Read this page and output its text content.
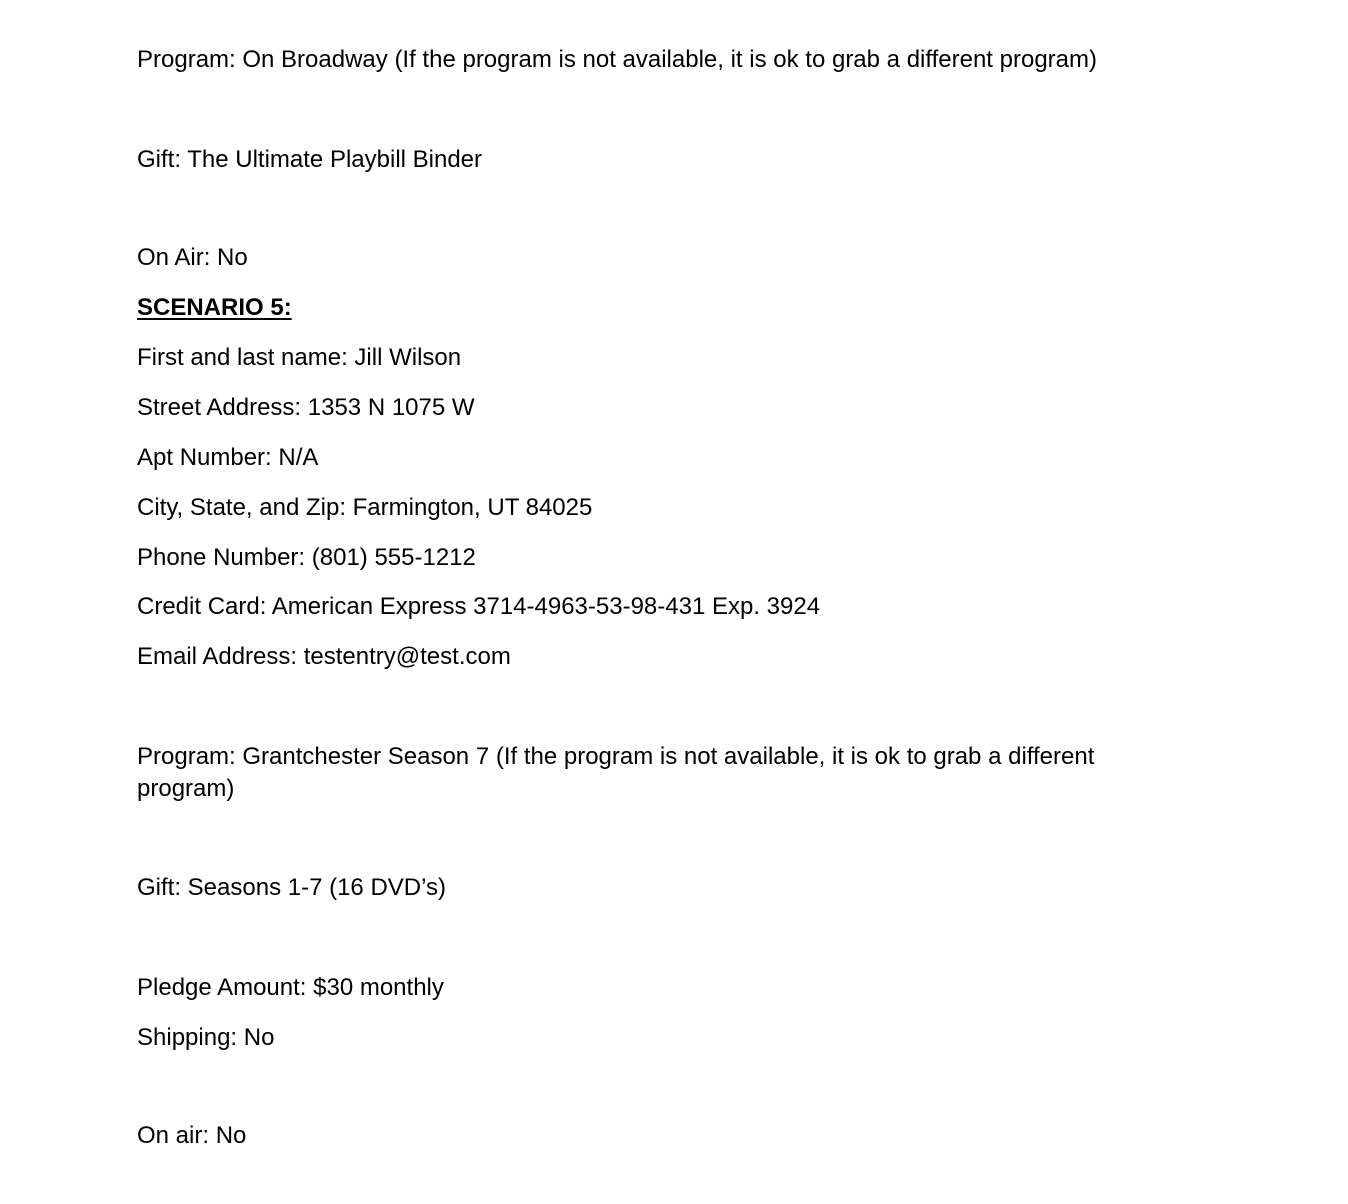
Program: On Broadway (If the program is not available, it is ok to grab a different program)
Gift: The Ultimate Playbill Binder
On Air: No
SCENARIO 5:
First and last name: Jill Wilson
Street Address: 1353 N 1075 W
Apt Number: N/A
City, State, and Zip: Farmington, UT 84025
Phone Number: (801) 555-1212
Credit Card: American Express 3714-4963-53-98-431 Exp. 3924
Email Address: testentry@test.com
Program: Grantchester Season 7 (If the program is not available, it is ok to grab a different program)
Gift: Seasons 1-7 (16 DVD’s)
Pledge Amount: $30 monthly
Shipping: No
On air: No
